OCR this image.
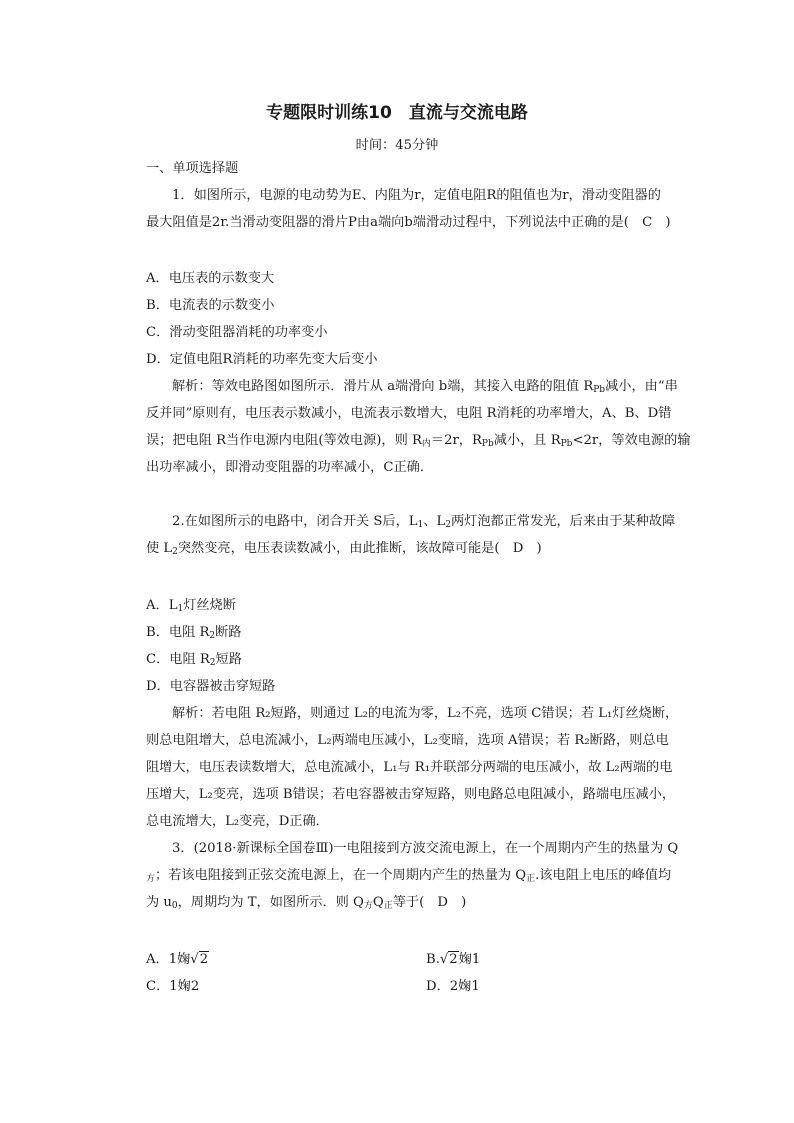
专题限时训练10　直流与交流电路
时间：45分钟
一、单项选择题
1．如图所示，电源的电动势为E、内阻为r，定值电阻R的阻值也为r，滑动变阻器的
最大阻值是2r.当滑动变阻器的滑片P由a端向b端滑动过程中，下列说法中正确的是(　C　)
A．电压表的示数变大
B．电流表的示数变小
C．滑动变阻器消耗的功率变小
D．定值电阻R消耗的功率先变大后变小
解析：等效电路图如图所示．滑片从 a端滑向 b端，其接入电路的阻值 $R_{Pb}$减小，由“串
反并同”原则有，电压表示数减小，电流表示数增大，电阻 R消耗的功率增大，A、B、D错
误；把电阻 R当作电源内电阻(等效电源)，则 $R_内=2r$，$R_{Pb}$减小，且 $R_{Pb}<2r$，等效电源的输
出功率减小，即滑动变阻器的功率减小，C正确．
2.在如图所示的电路中，闭合开关 S后，$L_1$、$L_2$两灯泡都正常发光，后来由于某种故障
使 $L_2$突然变亮，电压表读数减小，由此推断，该故障可能是(　D　)
A．$L_1$灯丝烧断
B．电阻 $R_2$断路
C．电阻 $R_2$短路
D．电容器被击穿短路
解析：若电阻 R₂短路，则通过 L₂的电流为零，L₂不亮，选项 C错误；若 L₁灯丝烧断，
则总电阻增大，总电流减小，L₂两端电压减小，L₂变暗，选项 A错误；若 R₂断路，则总电
阻增大，电压表读数增大，总电流减小，L₁与 R₁并联部分两端的电压减小，故 L₂两端的电
压增大，L₂变亮，选项 B错误；若电容器被击穿短路，则电路总电阻减小，路端电压减小，
总电流增大，L₂变亮，D正确．
3．(2018·新课标全国卷Ⅲ)一电阻接到方波交流电源上，在一个周期内产生的热量为 Q
$_方$；若该电阻接到正弦交流电源上，在一个周期内产生的热量为 $Q_正$.该电阻上电压的峰值均
为 $u_0$，周期均为 T，如图所示．则 $Q_方Q_正$等于(　D　)
A．1婅√2	B.√2婅1
C．1婅2	D．2婅1
